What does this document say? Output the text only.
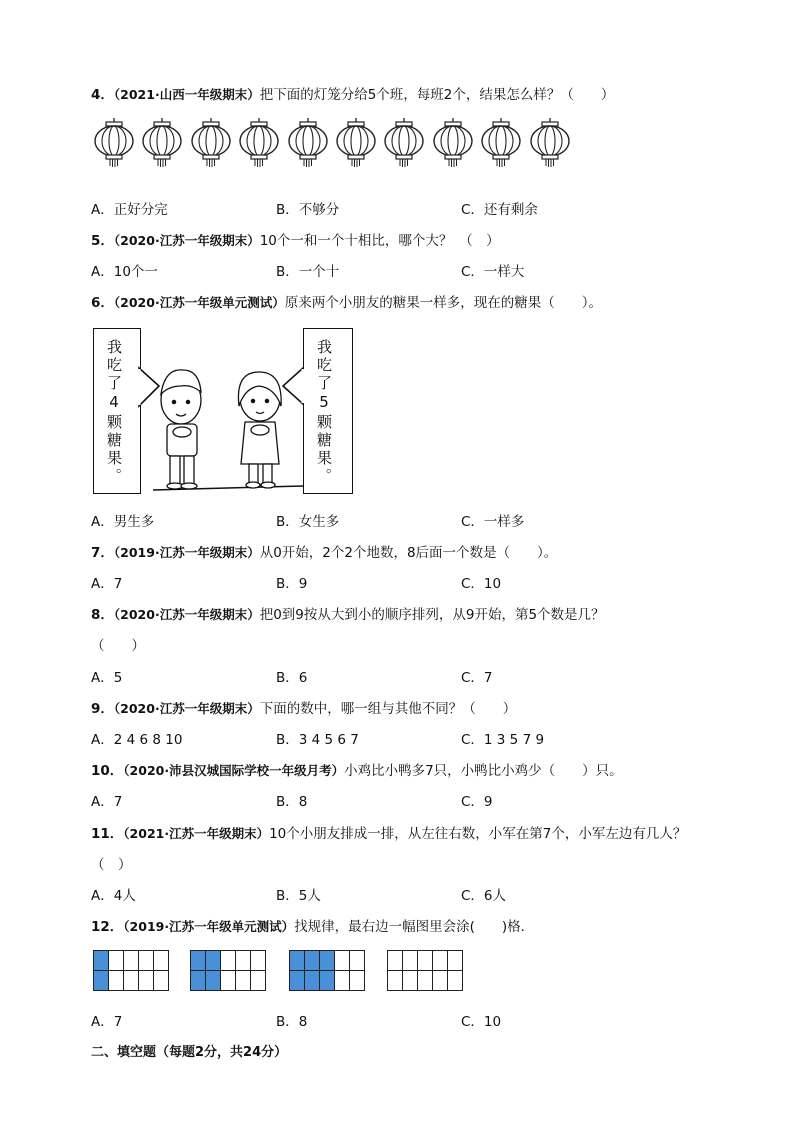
4．（2021·山西一年级期末）把下面的灯笼分给5个班，每班2个，结果怎么样？（　　）
A．正好分完	B．不够分	C．还有剩余
5．（2020·江苏一年级期末）10个一和一个十相比，哪个大？　（　）
A．10个一	B．一个十	C．一样大
6．（2020·江苏一年级单元测试）原来两个小朋友的糖果一样多，现在的糖果（　　）。
我吃了4颗糖果。	我吃了5颗糖果。
A．男生多	B．女生多	C．一样多
7．（2019·江苏一年级期末）从0开始，2个2个地数，8后面一个数是（　　）。
A．7	B．9	C．10
8．（2020·江苏一年级期末）把0到9按从大到小的顺序排列，从9开始，第5个数是几？
（　　）
A．5	B．6	C．7
9．（2020·江苏一年级期末）下面的数中，哪一组与其他不同？（　　）
A．2 4 6 8 10	B．3 4 5 6 7	C．1 3 5 7 9
10．（2020·沛县汉城国际学校一年级月考）小鸡比小鸭多7只，小鸭比小鸡少（　　）只。
A．7	B．8	C．9
11．（2021·江苏一年级期末）10个小朋友排成一排，从左往右数，小军在第7个，小军左边有几人？
（　）
A．4人	B．5人	C．6人
12．（2019·江苏一年级单元测试）找规律，最右边一幅图里会涂(　　)格．
A．7	B．8	C．10
二、填空题（每题2分，共24分）
